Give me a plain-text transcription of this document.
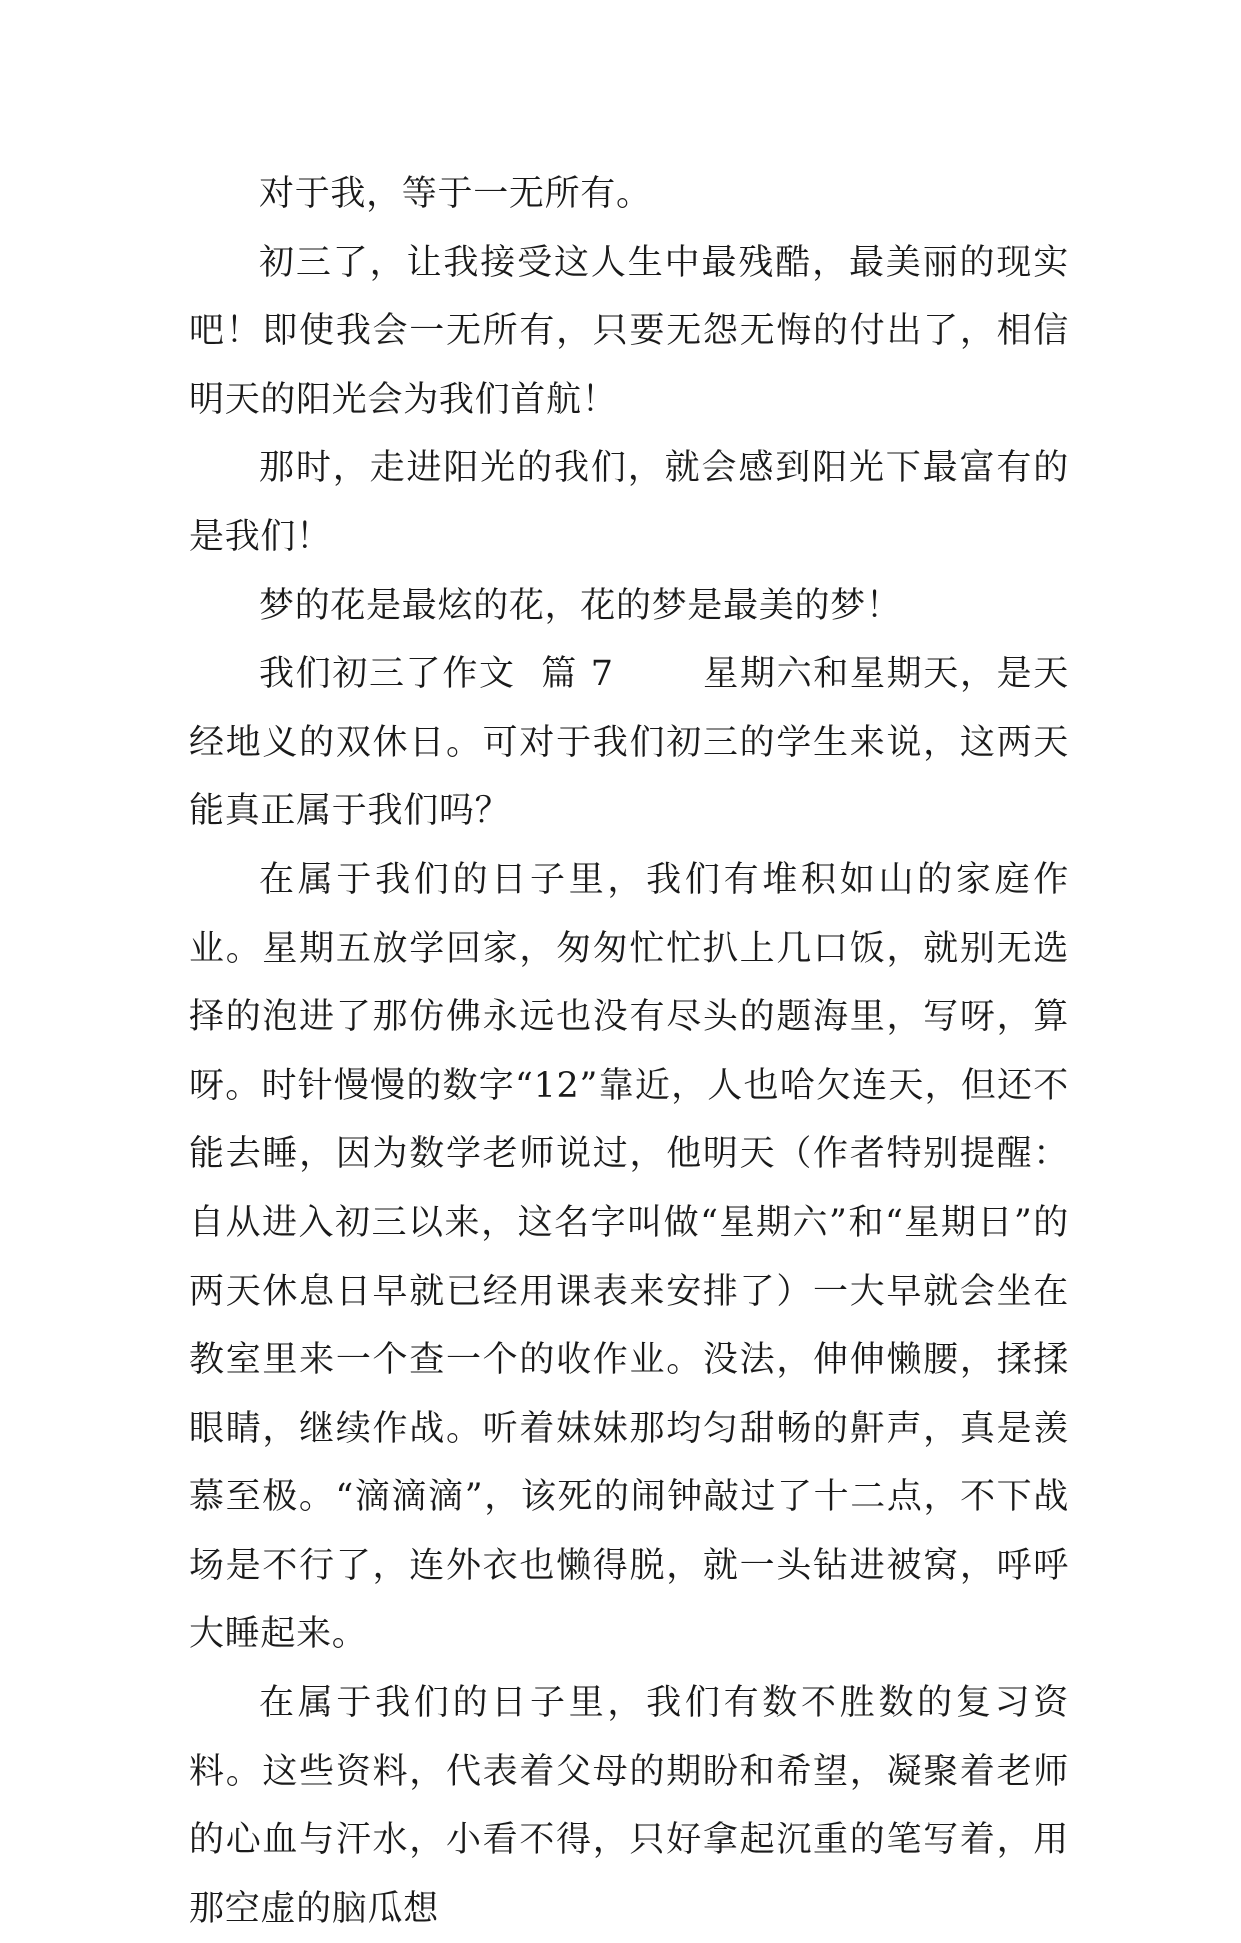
对于我，等于一无所有。

初三了，让我接受这人生中最残酷，最美丽的现实吧！即使我会一无所有，只要无怨无悔的付出了，相信明天的阳光会为我们首航！

那时，走进阳光的我们，就会感到阳光下最富有的是我们！

梦的花是最炫的花，花的梦是最美的梦！

我们初三了作文 篇 7	星期六和星期天，是天经地义的双休日。可对于我们初三的学生来说，这两天能真正属于我们吗？

在属于我们的日子里，我们有堆积如山的家庭作业。星期五放学回家，匆匆忙忙扒上几口饭，就别无选择的泡进了那仿佛永远也没有尽头的题海里，写呀，算呀。时针慢慢的数字“12”靠近，人也哈欠连天，但还不能去睡，因为数学老师说过，他明天（作者特别提醒：自从进入初三以来，这名字叫做“星期六”和“星期日”的两天休息日早就已经用课表来安排了）一大早就会坐在教室里来一个查一个的收作业。没法，伸伸懒腰，揉揉眼睛，继续作战。听着妹妹那均匀甜畅的鼾声，真是羡慕至极。“滴滴滴”，该死的闹钟敲过了十二点，不下战场是不行了，连外衣也懒得脱，就一头钻进被窝，呼呼大睡起来。

在属于我们的日子里，我们有数不胜数的复习资料。这些资料，代表着父母的期盼和希望，凝聚着老师的心血与汗水，小看不得，只好拿起沉重的笔写着，用那空虚的脑瓜想
